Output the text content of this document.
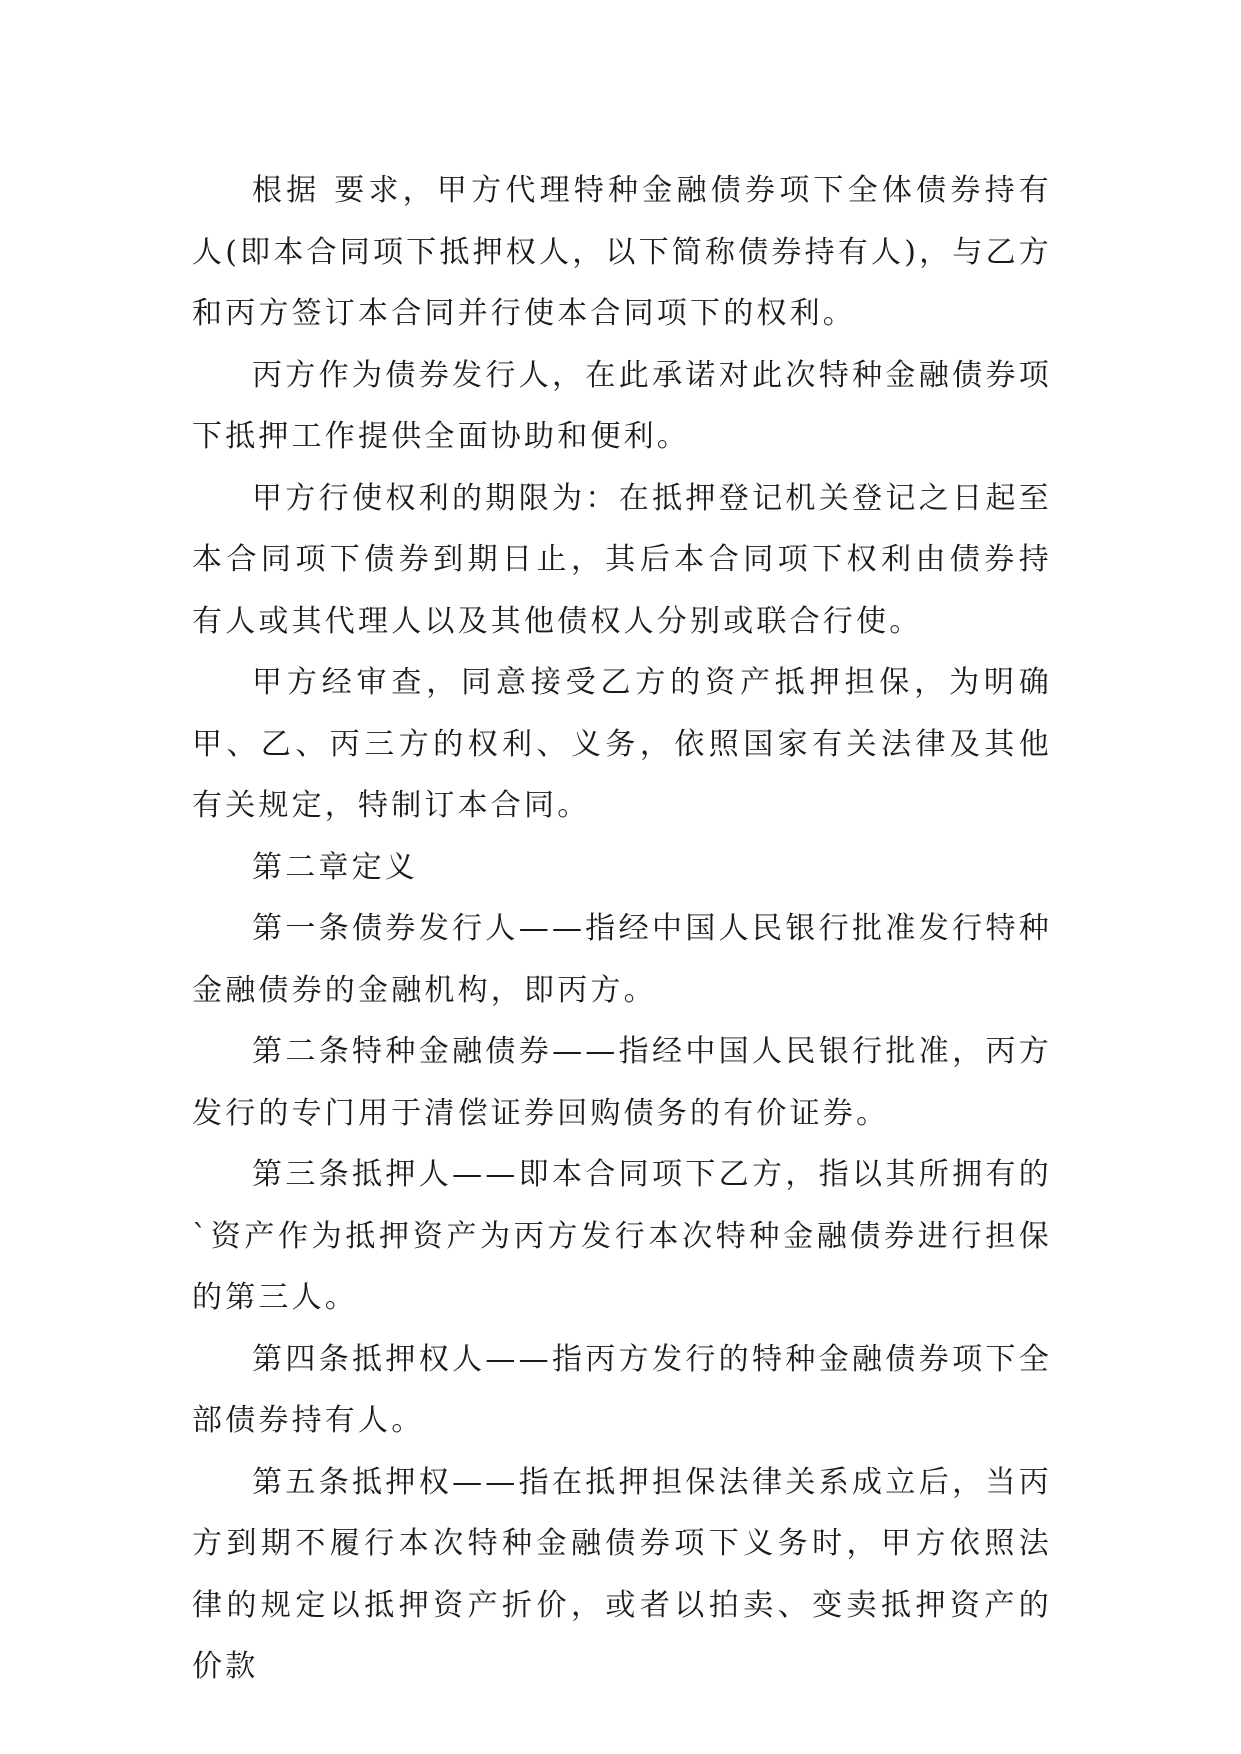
根据 要求，甲方代理特种金融债券项下全体债券持有人(即本合同项下抵押权人，以下简称债券持有人)，与乙方和丙方签订本合同并行使本合同项下的权利。

丙方作为债券发行人，在此承诺对此次特种金融债券项下抵押工作提供全面协助和便利。

甲方行使权利的期限为：在抵押登记机关登记之日起至本合同项下债券到期日止，其后本合同项下权利由债券持有人或其代理人以及其他债权人分别或联合行使。

甲方经审查，同意接受乙方的资产抵押担保，为明确甲、乙、丙三方的权利、义务，依照国家有关法律及其他有关规定，特制订本合同。

第二章定义

第一条债券发行人——指经中国人民银行批准发行特种金融债券的金融机构，即丙方。

第二条特种金融债券——指经中国人民银行批准，丙方发行的专门用于清偿证券回购债务的有价证券。

第三条抵押人——即本合同项下乙方，指以其所拥有的`资产作为抵押资产为丙方发行本次特种金融债券进行担保的第三人。

第四条抵押权人——指丙方发行的特种金融债券项下全部债券持有人。

第五条抵押权——指在抵押担保法律关系成立后，当丙方到期不履行本次特种金融债券项下义务时，甲方依照法律的规定以抵押资产折价，或者以拍卖、变卖抵押资产的价款
